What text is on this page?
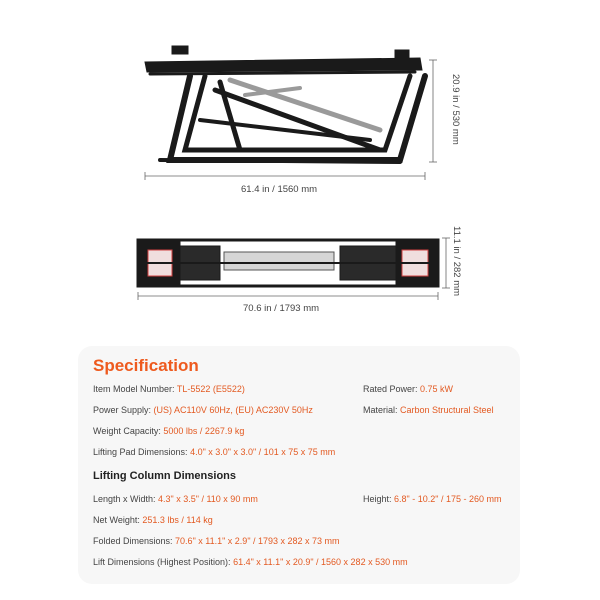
61.4 in / 1560 mm
20.9 in / 530 mm
70.6 in / 1793 mm
11.1 in / 282 mm
Specification
Item Model Number: TL-5522 (E5522)	Rated Power: 0.75 kW
Power Supply: (US) AC110V 60Hz, (EU) AC230V 50Hz	Material: Carbon Structural Steel
Weight Capacity: 5000 lbs / 2267.9 kg
Lifting Pad Dimensions: 4.0" x 3.0" x 3.0" / 101 x 75 x 75 mm
Lifting Column Dimensions
Length x Width: 4.3" x 3.5" / 110 x 90 mm	Height: 6.8" - 10.2" / 175 - 260 mm
Net Weight: 251.3 lbs / 114 kg
Folded Dimensions: 70.6" x 11.1" x 2.9" / 1793 x 282 x 73 mm
Lift Dimensions (Highest Position): 61.4" x 11.1" x 20.9" / 1560 x 282 x 530 mm
